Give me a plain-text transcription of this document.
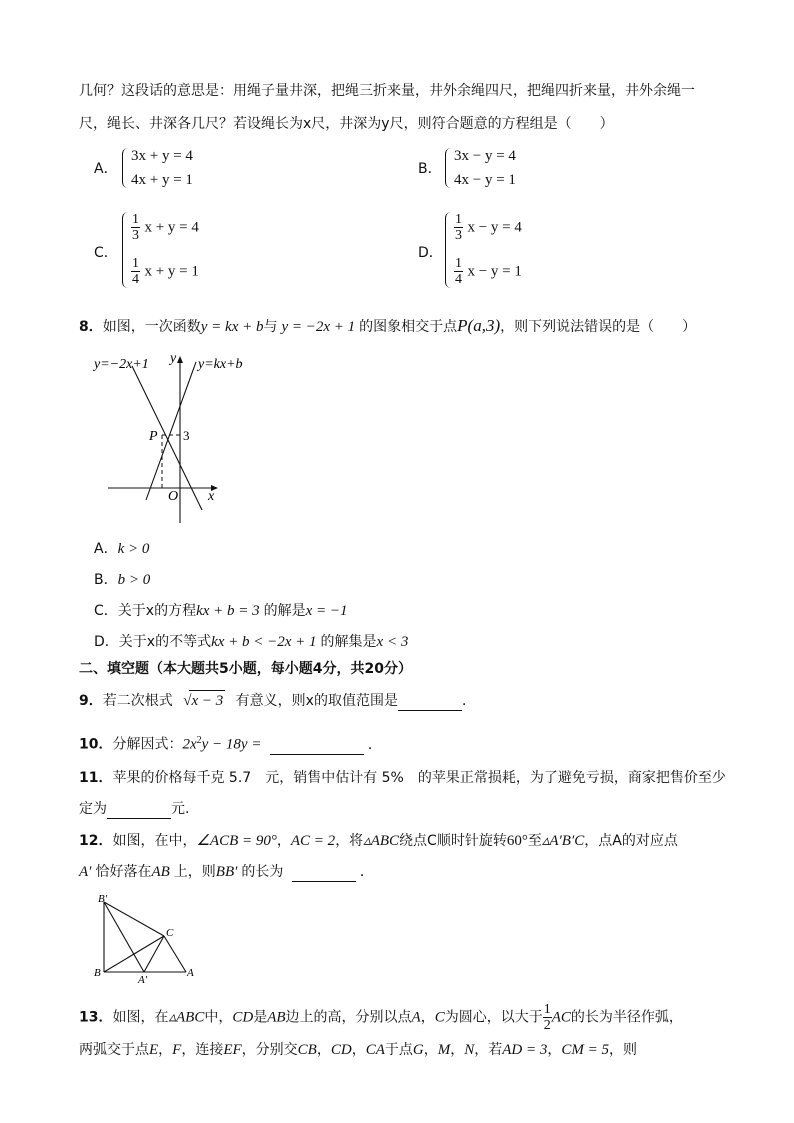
几何？这段话的意思是：用绳子量井深，把绳三折来量，井外余绳四尺，把绳四折来量，井外余绳一
尺，绳长、井深各几尺？若设绳长为x尺，井深为y尺，则符合题意的方程组是（　　）
A．
3x + y = 4
4x + y = 1
B．
3x − y = 4
4x − y = 1
C．
$\frac{1}{3}$ x + y = 4
$\frac{1}{4}$ x + y = 1
D．
$\frac{1}{3}$ x − y = 4
$\frac{1}{4}$ x − y = 1
8．如图，一次函数y = kx + b与 y = −2x + 1 的图象相交于点P(a,3)，则下列说法错误的是（　　）
y=−2x+1	y=kx+b
y
x
O
P 3
A．k > 0
B．b > 0
C．关于x的方程kx + b = 3 的解是x = −1
D．关于x的不等式kx + b < −2x + 1 的解集是x < 3
二、填空题（本大题共5小题，每小题4分，共20分）
9．若二次根式 √x − 3 有意义，则x的取值范围是	．
10．分解因式：$2x^2y - 18y$ =	．
11．苹果的价格每千克 5.7　元，销售中估计有 5%　的苹果正常损耗，为了避免亏损，商家把售价至少
定为	元.
12．如图，在中，∠ACB = 90°，AC = 2，将▵ABC绕点C顺时针旋转60°至▵A′B′C，点A的对应点
A′ 恰好落在AB 上，则BB′ 的长为	．
B′
C
B
A′
A
13．如图，在▵ABC中，CD是AB边上的高，分别以点A，C为圆心，以大于 $\frac{1}{2}$ AC的长为半径作弧，
两弧交于点E，F，连接EF，分别交CB，CD，CA于点G，M，N，若AD = 3，CM = 5，则
